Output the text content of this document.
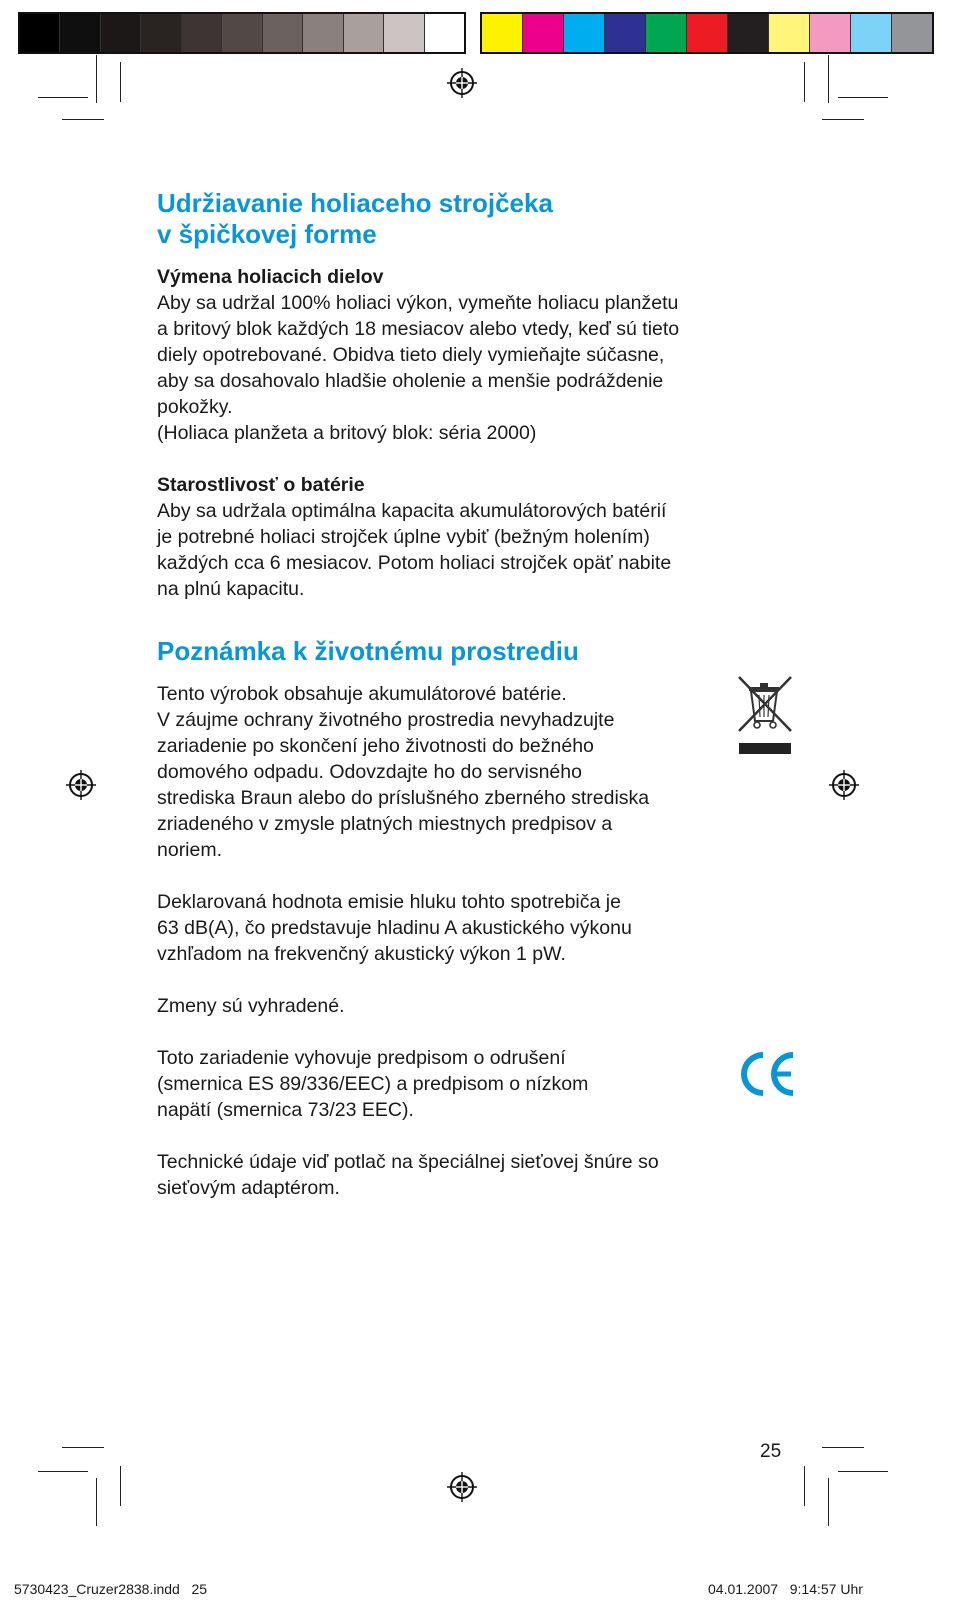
Udržiavanie holiaceho strojčeka
v špičkovej forme
Výmena holiacich dielov

Aby sa udržal 100% holiaci výkon, vymeňte holiacu planžetu
a britový blok každých 18 mesiacov alebo vtedy, keď sú tieto
diely opotrebované. Obidva tieto diely vymieňajte súčasne,
aby sa dosahovalo hladšie oholenie a menšie podráždenie
pokožky.
(Holiaca planžeta a britový blok: séria 2000)

Starostlivosť o batérie

Aby sa udržala optimálna kapacita akumulátorových batérií
je potrebné holiaci strojček úplne vybiť (bežným holením)
každých cca 6 mesiacov. Potom holiaci strojček opäť nabite
na plnú kapacitu.

Poznámka k životnému prostrediu

Tento výrobok obsahuje akumulátorové batérie.
V záujme ochrany životného prostredia nevyhadzujte
zariadenie po skončení jeho životnosti do bežného
domového odpadu. Odovzdajte ho do servisného
strediska Braun alebo do príslušného zberného strediska
zriadeného v zmysle platných miestnych predpisov a
noriem.

Deklarovaná hodnota emisie hluku tohto spotrebiča je
63 dB(A), čo predstavuje hladinu A akustického výkonu
vzhľadom na frekvenčný akustický výkon 1 pW.

Zmeny sú vyhradené.

Toto zariadenie vyhovuje predpisom o odrušení
(smernica ES 89/336/EEC) a predpisom o nízkom
napätí (smernica 73/23 EEC).

Technické údaje viď potlač na špeciálnej sieťovej šnúre so
sieťovým adaptérom.

25
5730423_Cruzer2838.indd   25	04.01.2007   9:14:57 Uhr
